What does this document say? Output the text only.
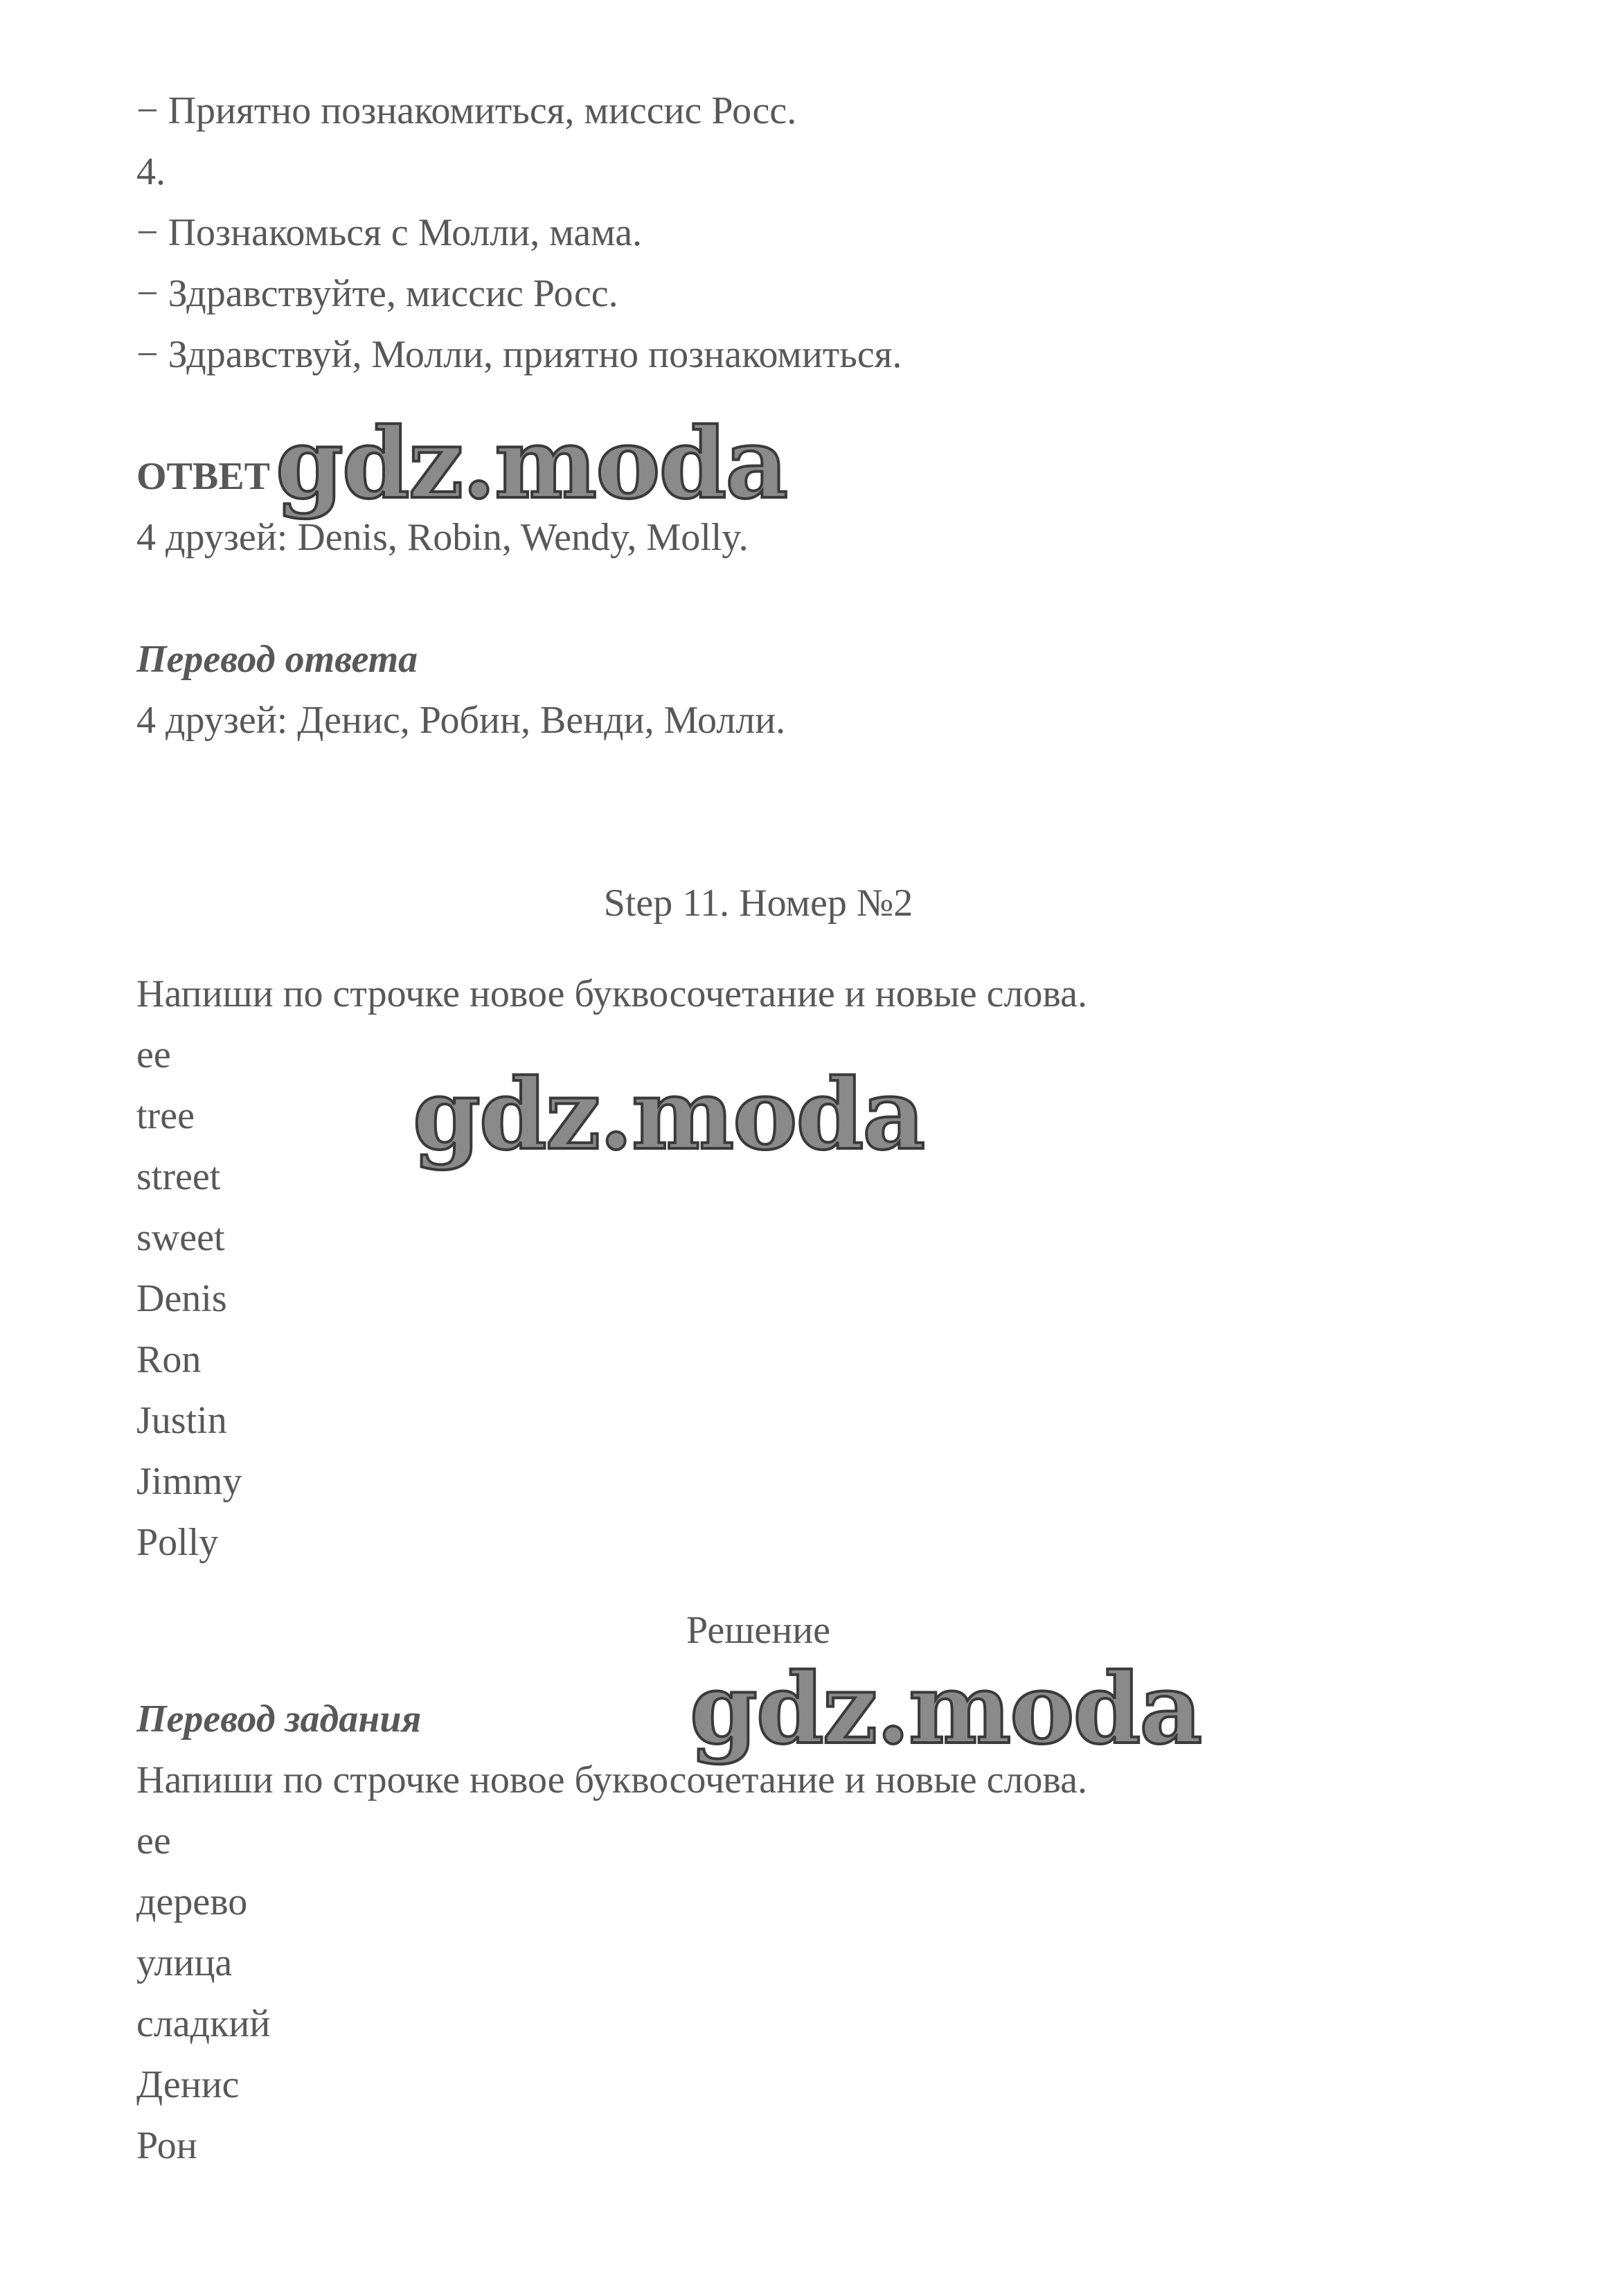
− Приятно познакомиться, миссис Росс.
4.
− Познакомься с Молли, мама.
− Здравствуйте, миссис Росс.
− Здравствуй, Молли, приятно познакомиться.
ОТВЕТ
4 друзей: Denis, Robin, Wendy, Molly.
Перевод ответа
4 друзей: Денис, Робин, Венди, Молли.
Step 11. Номер №2
Напиши по строчке новое буквосочетание и новые слова.
ee
tree
street
sweet
Denis
Ron
Justin
Jimmy
Polly
Решение
Перевод задания
Напиши по строчке новое буквосочетание и новые слова.
ее
дерево
улица
сладкий
Денис
Рон
gdz.moda
gdz.moda
gdz.moda
